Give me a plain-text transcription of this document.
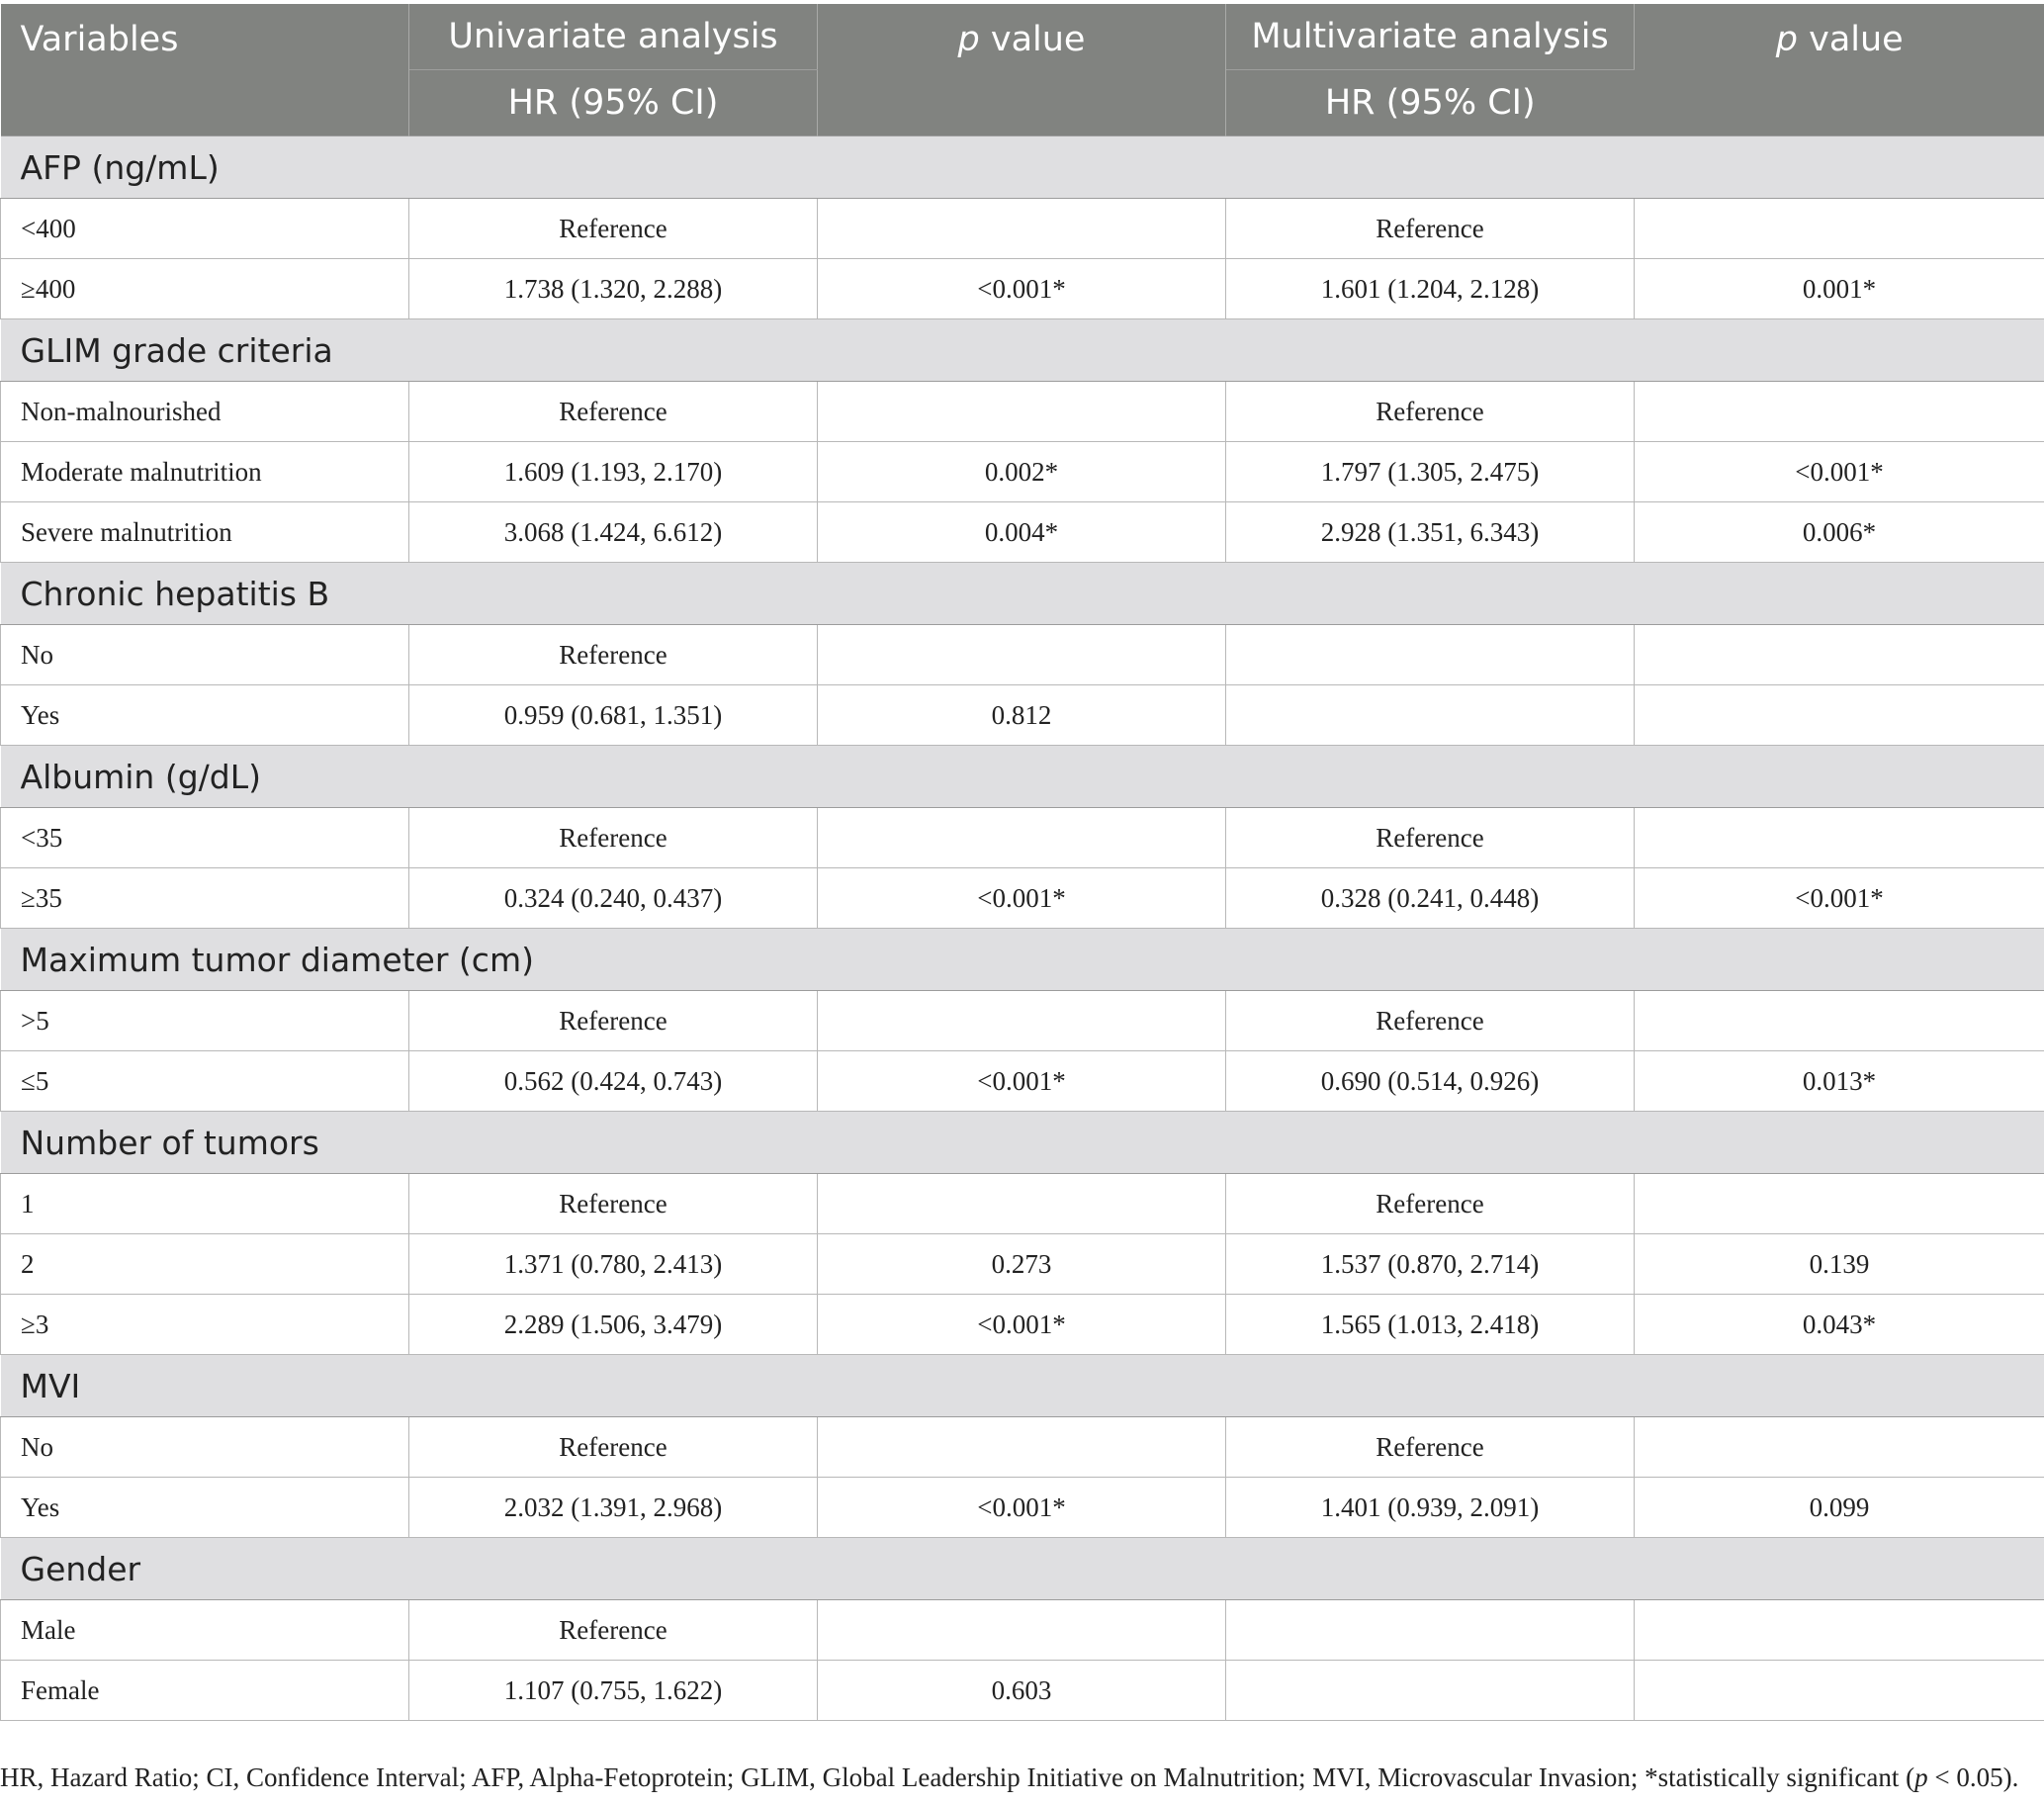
Variables	Univariate analysis	p value	Multivariate analysis	p value
	HR (95% CI)		HR (95% CI)	
AFP (ng/mL)				
<400	Reference		Reference	
≥400	1.738 (1.320, 2.288)	<0.001*	1.601 (1.204, 2.128)	0.001*
GLIM grade criteria				
Non-malnourished	Reference		Reference	
Moderate malnutrition	1.609 (1.193, 2.170)	0.002*	1.797 (1.305, 2.475)	<0.001*
Severe malnutrition	3.068 (1.424, 6.612)	0.004*	2.928 (1.351, 6.343)	0.006*
Chronic hepatitis B				
No	Reference			
Yes	0.959 (0.681, 1.351)	0.812		
Albumin (g/dL)				
<35	Reference		Reference	
≥35	0.324 (0.240, 0.437)	<0.001*	0.328 (0.241, 0.448)	<0.001*
Maximum tumor diameter (cm)				
>5	Reference		Reference	
≤5	0.562 (0.424, 0.743)	<0.001*	0.690 (0.514, 0.926)	0.013*
Number of tumors				
1	Reference		Reference	
2	1.371 (0.780, 2.413)	0.273	1.537 (0.870, 2.714)	0.139
≥3	2.289 (1.506, 3.479)	<0.001*	1.565 (1.013, 2.418)	0.043*
MVI				
No	Reference		Reference	
Yes	2.032 (1.391, 2.968)	<0.001*	1.401 (0.939, 2.091)	0.099
Gender				
Male	Reference			
Female	1.107 (0.755, 1.622)	0.603		
HR, Hazard Ratio; CI, Confidence Interval; AFP, Alpha-Fetoprotein; GLIM, Global Leadership Initiative on Malnutrition; MVI, Microvascular Invasion; *statistically significant (p < 0.05).
